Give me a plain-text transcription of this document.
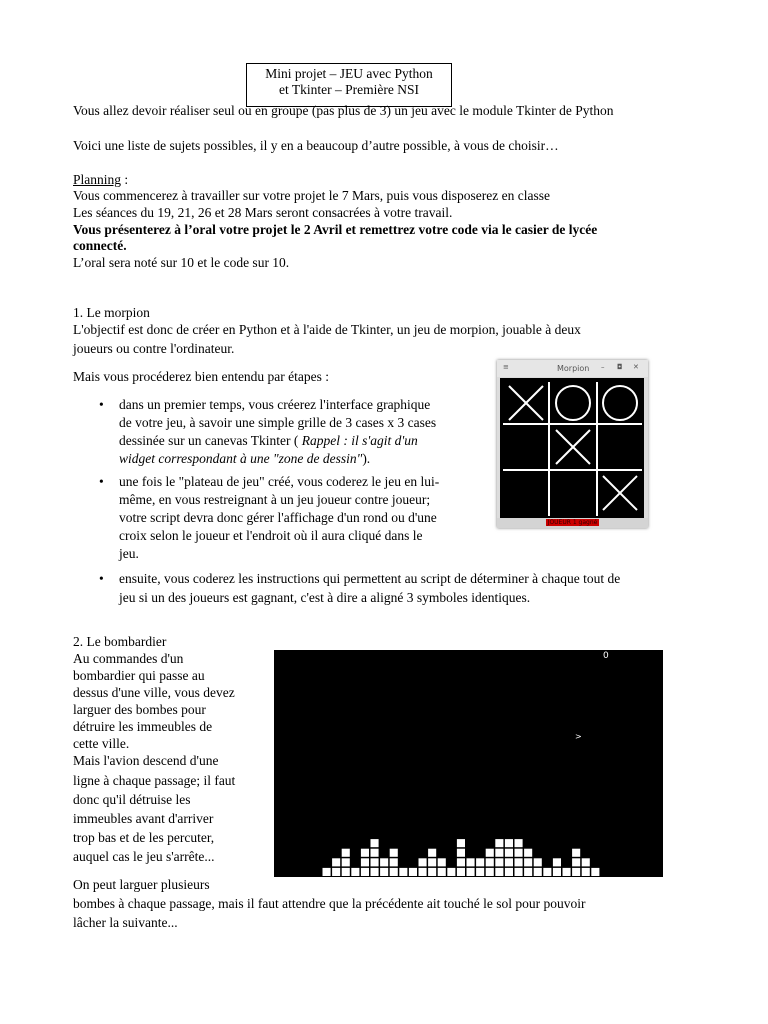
Mini projet – JEU avec Python
et Tkinter – Première NSI
Vous allez devoir réaliser seul ou en groupe (pas plus de 3) un jeu avec le module Tkinter de Python
Voici une liste de sujets possibles, il y en a beaucoup d’autre possible, à vous de choisir…
Planning :
Vous commencerez à travailler sur votre projet le 7 Mars, puis vous disposerez en classe
Les séances du 19, 21, 26 et 28 Mars seront consacrées à votre travail.
Vous présenterez à l’oral votre projet le 2 Avril et remettrez votre code via le casier de lycée
connecté.
L’oral sera noté sur 10 et le code sur 10.
1. Le morpion
L'objectif est donc de créer en Python et à l'aide de Tkinter, un jeu de morpion, jouable à deux
joueurs ou contre l'ordinateur.
Mais vous procéderez bien entendu par étapes :
• dans un premier temps, vous créerez l'interface graphique
de votre jeu, à savoir une simple grille de 3 cases x 3 cases
dessinée sur un canevas Tkinter ( Rappel : il s'agit d'un
widget correspondant à une "zone de dessin").
• une fois le "plateau de jeu" créé, vous coderez le jeu en lui-
même, en vous restreignant à un jeu joueur contre joueur;
votre script devra donc gérer l'affichage d'un rond ou d'une
croix selon le joueur et l'endroit où il aura cliqué dans le
jeu.
• ensuite, vous coderez les instructions qui permettent au script de déterminer à chaque tout de
jeu si un des joueurs est gagnant, c'est à dire a aligné 3 symboles identiques.
≡	Morpion – ◘ ✕
JOUEUR 1 gagné
2. Le bombardier
Au commandes d'un
bombardier qui passe au
dessus d'une ville, vous devez
larguer des bombes pour
détruire les immeubles de
cette ville.
Mais l'avion descend d'une
ligne à chaque passage; il faut
donc qu'il détruise les
immeubles avant d'arriver
trop bas et de les percuter,
auquel cas le jeu s'arrête...
On peut larguer plusieurs
bombes à chaque passage, mais il faut attendre que la précédente ait touché le sol pour pouvoir
lâcher la suivante...
0
>
